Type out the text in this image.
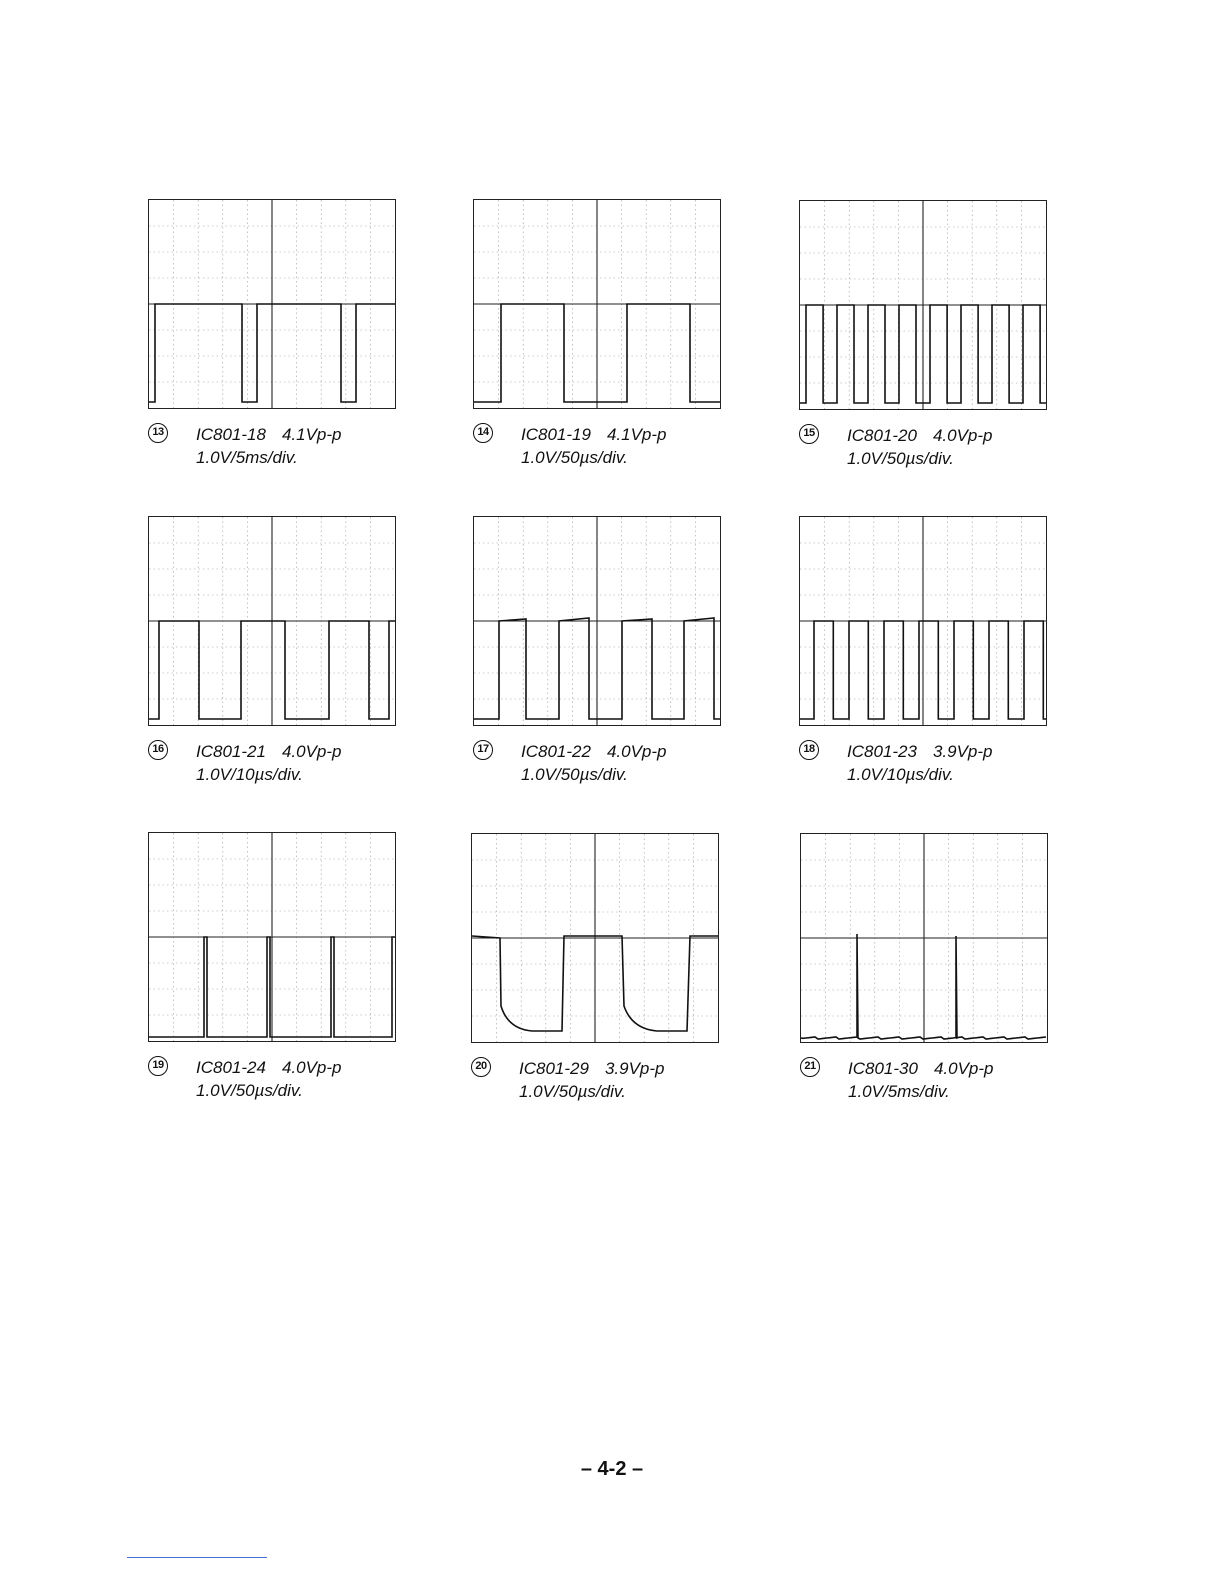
13 IC801-18 4.1Vp-p
1.0V/5ms/div.
14 IC801-19 4.1Vp-p
1.0V/50µs/div.
15 IC801-20 4.0Vp-p
1.0V/50µs/div.
16 IC801-21 4.0Vp-p
1.0V/10µs/div.
17 IC801-22 4.0Vp-p
1.0V/50µs/div.
18 IC801-23 3.9Vp-p
1.0V/10µs/div.
19 IC801-24 4.0Vp-p
1.0V/50µs/div.
20 IC801-29 3.9Vp-p
1.0V/50µs/div.
21 IC801-30 4.0Vp-p
1.0V/5ms/div.
– 4-2 –
